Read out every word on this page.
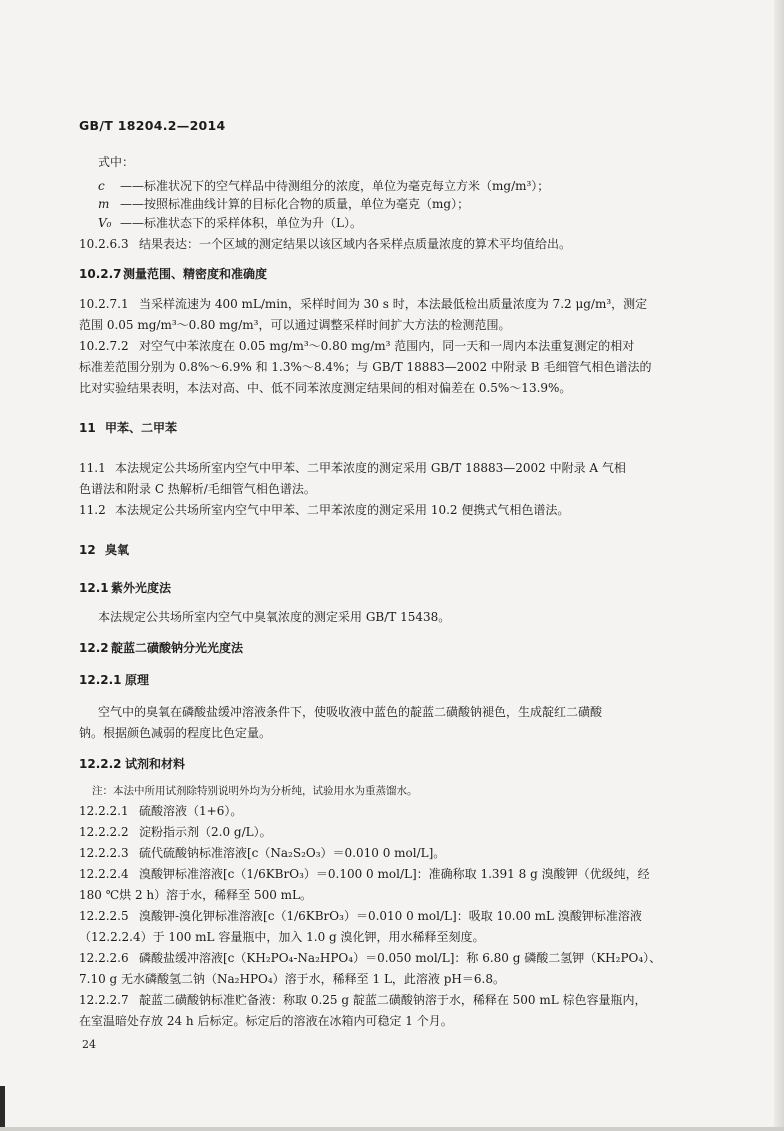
GB/T 18204.2—2014
式中：
c ——标准状况下的空气样品中待测组分的浓度，单位为毫克每立方米（mg/m³）；
m ——按照标准曲线计算的目标化合物的质量，单位为毫克（mg）；
V₀ ——标准状态下的采样体积，单位为升（L）。
10.2.6.3 结果表达：一个区域的测定结果以该区域内各采样点质量浓度的算术平均值给出。
10.2.7测量范围、精密度和准确度
10.2.7.1 当采样流速为 400 mL/min，采样时间为 30 s 时，本法最低检出质量浓度为 7.2 μg/m³，测定
范围 0.05 mg/m³～0.80 mg/m³，可以通过调整采样时间扩大方法的检测范围。
10.2.7.2 对空气中苯浓度在 0.05 mg/m³～0.80 mg/m³ 范围内，同一天和一周内本法重复测定的相对
标准差范围分别为 0.8%～6.9% 和 1.3%～8.4%；与 GB/T 18883—2002 中附录 B 毛细管气相色谱法的
比对实验结果表明，本法对高、中、低不同苯浓度测定结果间的相对偏差在 0.5%～13.9%。
11 甲苯、二甲苯
11.1 本法规定公共场所室内空气中甲苯、二甲苯浓度的测定采用 GB/T 18883—2002 中附录 A 气相
色谱法和附录 C 热解析/毛细管气相色谱法。
11.2 本法规定公共场所室内空气中甲苯、二甲苯浓度的测定采用 10.2 便携式气相色谱法。
12 臭氧
12.1 紫外光度法
本法规定公共场所室内空气中臭氧浓度的测定采用 GB/T 15438。
12.2 靛蓝二磺酸钠分光光度法
12.2.1 原理
空气中的臭氧在磷酸盐缓冲溶液条件下，使吸收液中蓝色的靛蓝二磺酸钠褪色，生成靛红二磺酸
钠。根据颜色减弱的程度比色定量。
12.2.2 试剂和材料
注：本法中所用试剂除特别说明外均为分析纯，试验用水为重蒸馏水。
12.2.2.1 硫酸溶液（1+6）。
12.2.2.2 淀粉指示剂（2.0 g/L）。
12.2.2.3 硫代硫酸钠标准溶液[c（Na₂S₂O₃）＝0.010 0 mol/L]。
12.2.2.4 溴酸钾标准溶液[c（1/6KBrO₃）＝0.100 0 mol/L]：准确称取 1.391 8 g 溴酸钾（优级纯，经
180 ℃烘 2 h）溶于水，稀释至 500 mL。
12.2.2.5 溴酸钾-溴化钾标准溶液[c（1/6KBrO₃）＝0.010 0 mol/L]：吸取 10.00 mL 溴酸钾标准溶液
（12.2.2.4）于 100 mL 容量瓶中，加入 1.0 g 溴化钾，用水稀释至刻度。
12.2.2.6 磷酸盐缓冲溶液[c（KH₂PO₄-Na₂HPO₄）＝0.050 mol/L]：称 6.80 g 磷酸二氢钾（KH₂PO₄）、
7.10 g 无水磷酸氢二钠（Na₂HPO₄）溶于水，稀释至 1 L，此溶液 pH＝6.8。
12.2.2.7 靛蓝二磺酸钠标准贮备液：称取 0.25 g 靛蓝二磺酸钠溶于水，稀释在 500 mL 棕色容量瓶内，
在室温暗处存放 24 h 后标定。标定后的溶液在冰箱内可稳定 1 个月。
24
